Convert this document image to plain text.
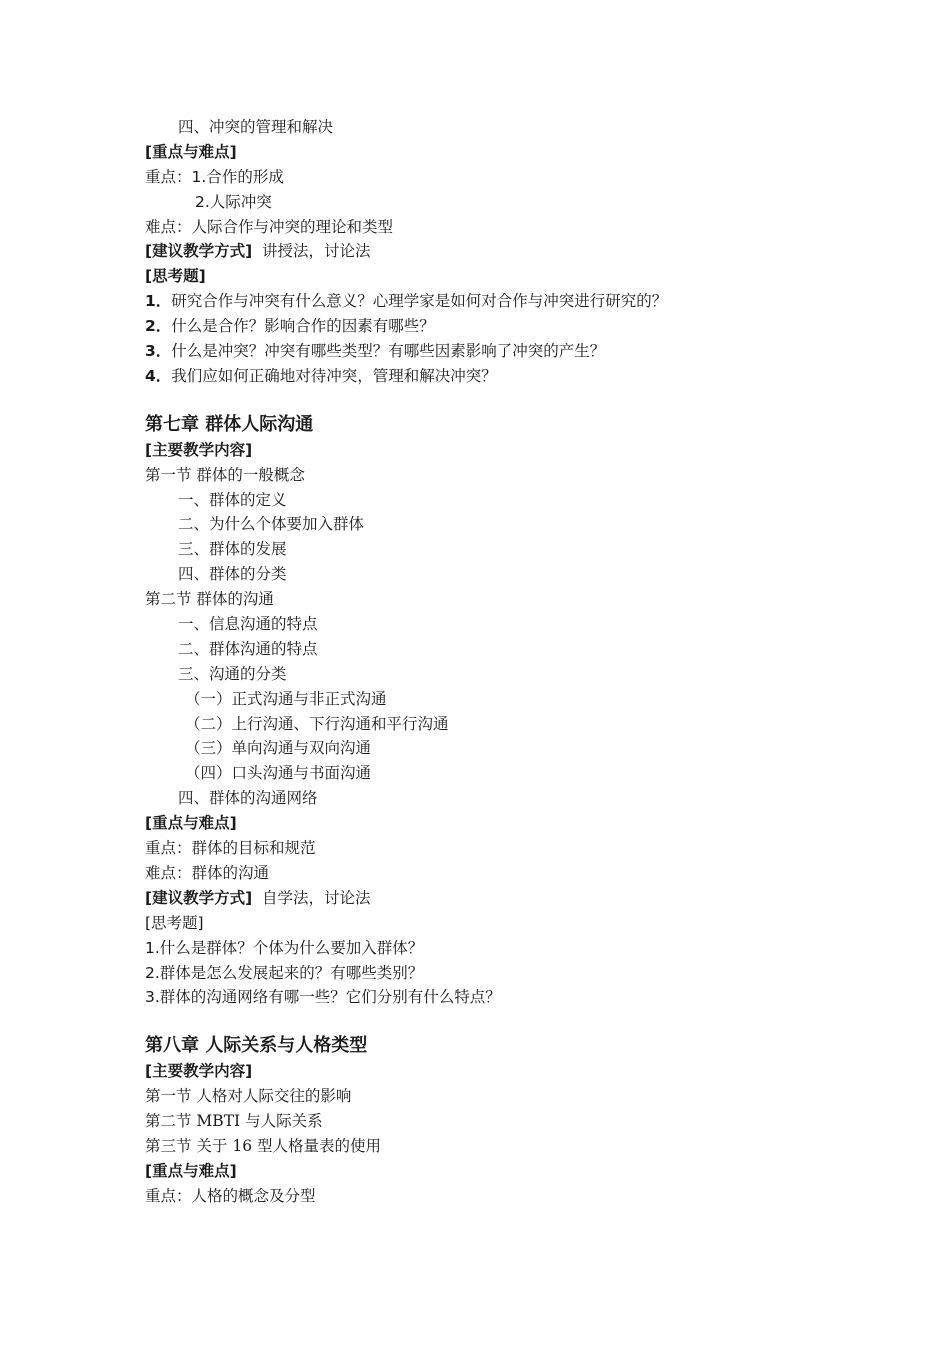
四、冲突的管理和解决
[重点与难点]
重点：1.合作的形成
2.人际冲突
难点：人际合作与冲突的理论和类型
[建议教学方式] 讲授法，讨论法
[思考题]
1．研究合作与冲突有什么意义？心理学家是如何对合作与冲突进行研究的？
2．什么是合作？影响合作的因素有哪些？
3．什么是冲突？冲突有哪些类型？有哪些因素影响了冲突的产生？
4．我们应如何正确地对待冲突，管理和解决冲突？
第七章 群体人际沟通
[主要教学内容]
第一节 群体的一般概念
一、群体的定义
二、为什么个体要加入群体
三、群体的发展
四、群体的分类
第二节 群体的沟通
一、信息沟通的特点
二、群体沟通的特点
三、沟通的分类
（一）正式沟通与非正式沟通
（二）上行沟通、下行沟通和平行沟通
（三）单向沟通与双向沟通
（四）口头沟通与书面沟通
四、群体的沟通网络
[重点与难点]
重点：群体的目标和规范
难点：群体的沟通
[建议教学方式] 自学法，讨论法
[思考题]
1.什么是群体？个体为什么要加入群体？
2.群体是怎么发展起来的？有哪些类别？
3.群体的沟通网络有哪一些？它们分别有什么特点？
第八章 人际关系与人格类型
[主要教学内容]
第一节 人格对人际交往的影响
第二节 MBTI 与人际关系
第三节 关于 16 型人格量表的使用
[重点与难点]
重点：人格的概念及分型
